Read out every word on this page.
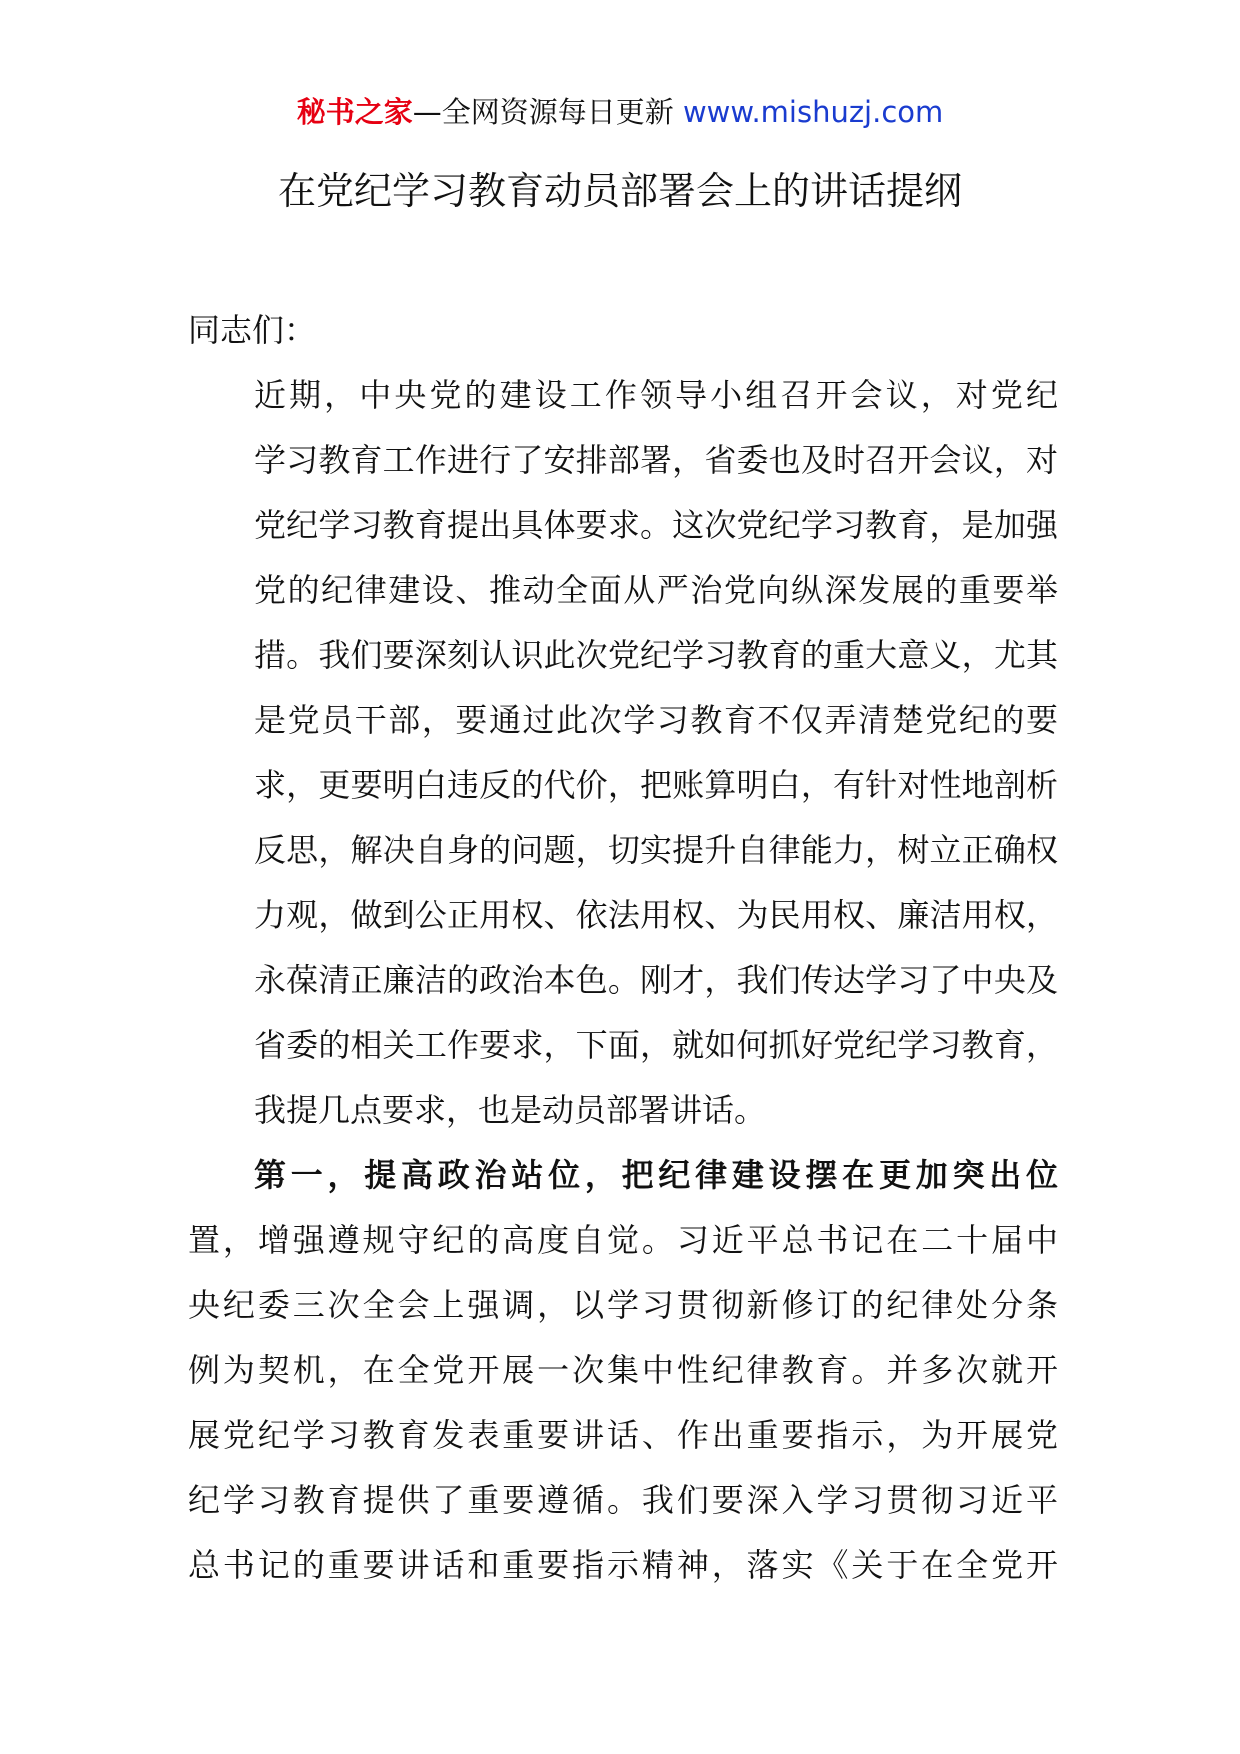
秘书之家—全网资源每日更新 www.mishuzj.com
在党纪学习教育动员部署会上的讲话提纲

同志们：

近期，中央党的建设工作领导小组召开会议，对党纪
学习教育工作进行了安排部署，省委也及时召开会议，对
党纪学习教育提出具体要求。这次党纪学习教育，是加强
党的纪律建设、推动全面从严治党向纵深发展的重要举
措。我们要深刻认识此次党纪学习教育的重大意义，尤其
是党员干部，要通过此次学习教育不仅弄清楚党纪的要
求，更要明白违反的代价，把账算明白，有针对性地剖析
反思，解决自身的问题，切实提升自律能力，树立正确权
力观，做到公正用权、依法用权、为民用权、廉洁用权，
永葆清正廉洁的政治本色。刚才，我们传达学习了中央及
省委的相关工作要求，下面，就如何抓好党纪学习教育，
我提几点要求，也是动员部署讲话。

第一，提高政治站位，把纪律建设摆在更加突出位
置，增强遵规守纪的高度自觉。习近平总书记在二十届中
央纪委三次全会上强调，以学习贯彻新修订的纪律处分条
例为契机，在全党开展一次集中性纪律教育。并多次就开
展党纪学习教育发表重要讲话、作出重要指示，为开展党
纪学习教育提供了重要遵循。我们要深入学习贯彻习近平
总书记的重要讲话和重要指示精神，落实《关于在全党开
